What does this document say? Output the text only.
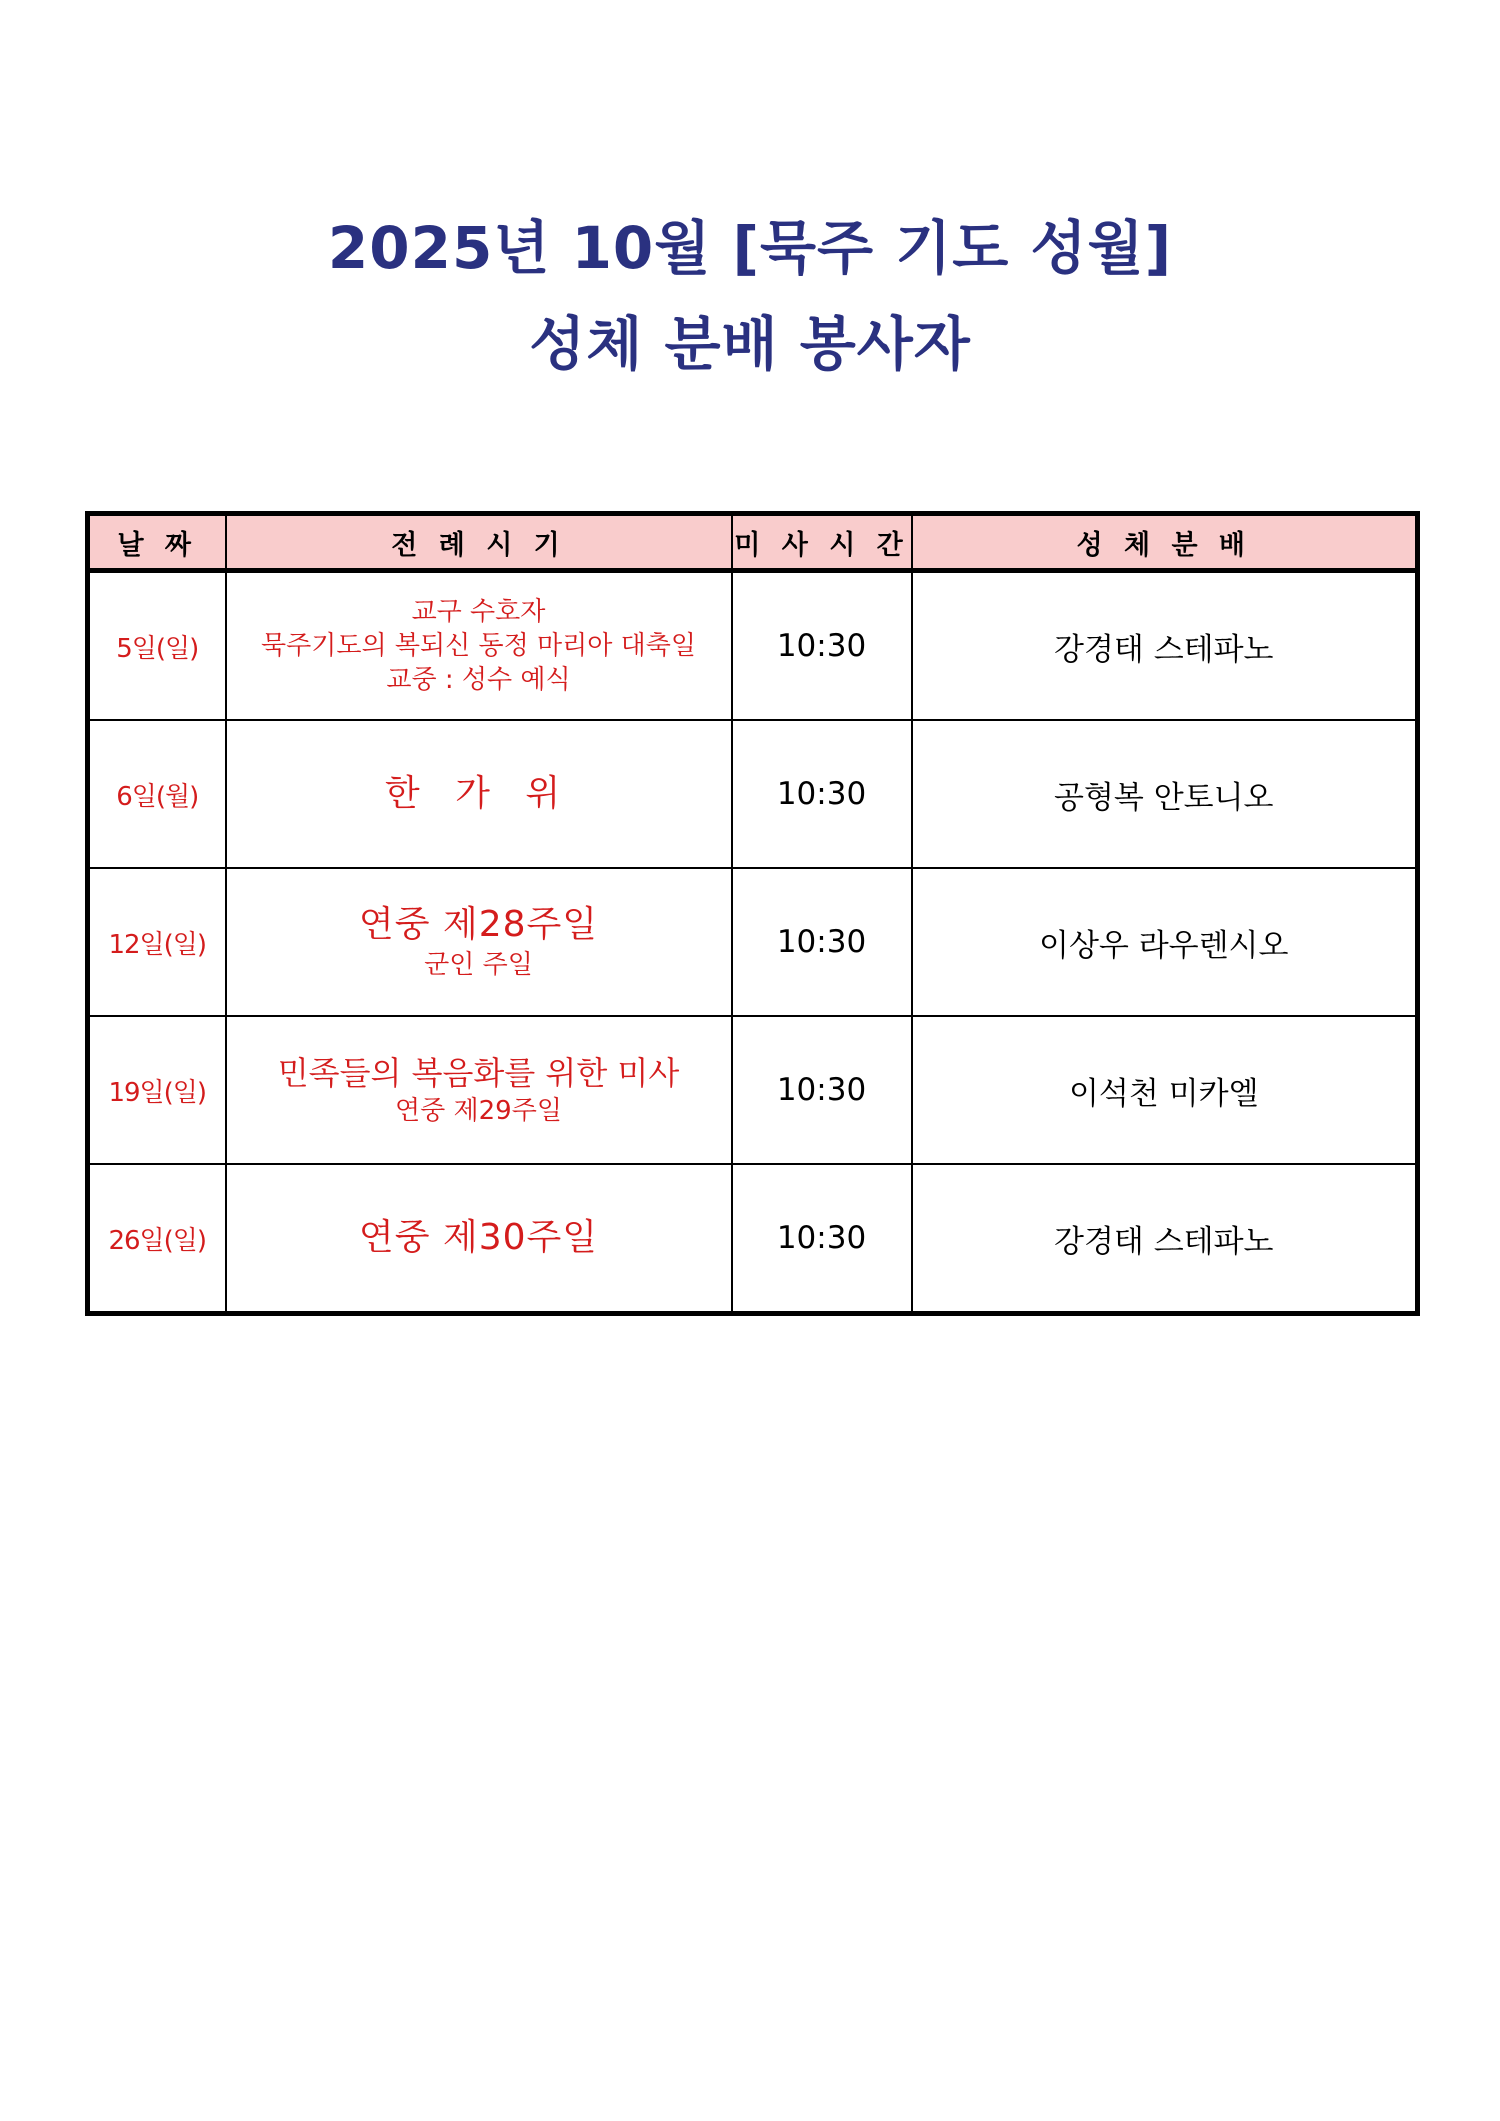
2025년 10월 [묵주 기도 성월]
성체 분배 봉사자
날 짜	전 례 시 기	미 사 시 간	성 체 분 배
5일(일)	교구 수호자
묵주기도의 복되신 동정 마리아 대축일
교중 : 성수 예식	10:30	강경태 스테파노
6일(월)	한 가 위	10:30	공형복 안토니오
12일(일)	연중 제28주일
군인 주일	10:30	이상우 라우렌시오
19일(일)	민족들의 복음화를 위한 미사
연중 제29주일	10:30	이석천 미카엘
26일(일)	연중 제30주일	10:30	강경태 스테파노
